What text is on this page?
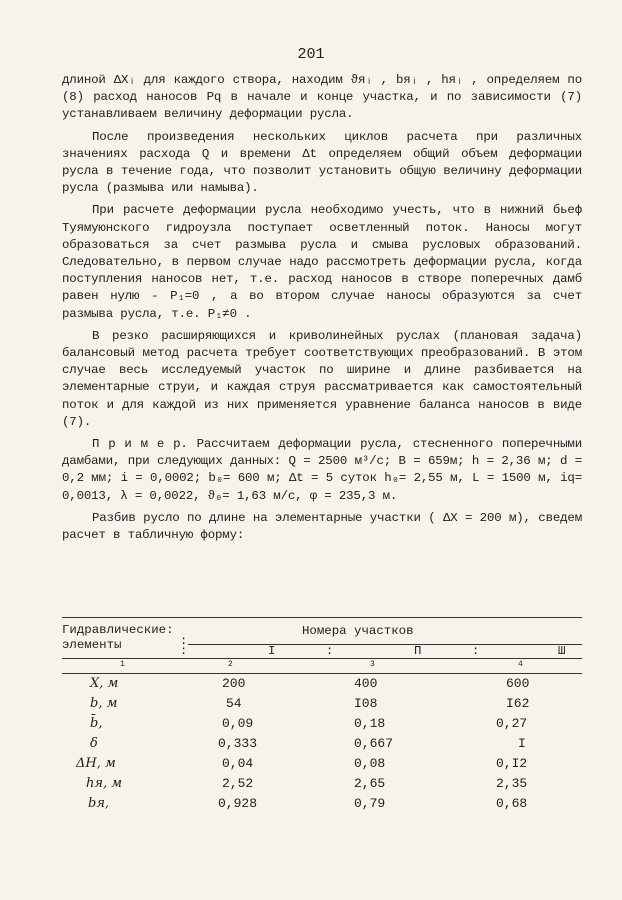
201

длиной ΔXᵢ для каждого створа, находим ϑяᵢ , bяᵢ , hяᵢ , определяем по (8) расход наносов Pq в начале и конце участка, и по зависимости (7) устанавливаем величину деформации русла.

После произведения нескольких циклов расчета при различных значениях расхода Q и времени Δt определяем общий объем деформации русла в течение года, что позволит установить общую величину деформации русла (размыва или намыва).

При расчете деформации русла необходимо учесть, что в нижний бьеф Туямуюнского гидроузла поступает осветленный поток. Наносы могут образоваться за счет размыва русла и смыва русловых образований. Следовательно, в первом случае надо рассмотреть деформации русла, когда поступления наносов нет, т.е. расход наносов в створе поперечных дамб равен нулю - P₁=0 , а во втором случае наносы образуются за счет размыва русла, т.е. P₁≠0 .

В резко расширяющихся и криволинейных руслах (плановая задача) балансовый метод расчета требует соответствующих преобразований. В этом случае весь исследуемый участок по ширине и длине разбивается на элементарные струи, и каждая струя рассматривается как самостоятельный поток и для каждой из них применяется уравнение баланса наносов в виде (7).

П р и м е р. Рассчитаем деформации русла, стесненного поперечными дамбами, при следующих данных: Q = 2500 м³/с; B = 659м; h = 2,36 м; d = 0,2 мм; i = 0,0002; b₀= 600 м; Δt = 5 суток h₀= 2,55 м, L = 1500 м, iq= 0,0013, λ = 0,0022, ϑ₀= 1,63 м/с, φ = 235,3 м.

Разбив русло по длине на элементарные участки ( ΔX = 200 м), сведем расчет в табличную форму:

Гидравлические: элементы
Номера участков
I	П	Ш
:
:	:	:
1	2	3	4
X, м	200	400	600
b, м	54	I08	I62
b̄,	0,09	0,18	0,27
δ	0,333	0,667	I
ΔH, м	0,04	0,08	0,I2
hя, м	2,52	2,65	2,35
bя,	0,928	0,79	0,68
